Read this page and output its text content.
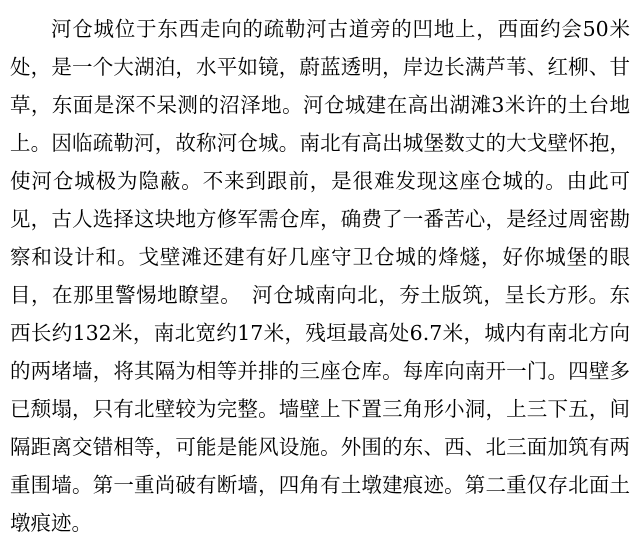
河仓城位于东西走向的疏勒河古道旁的凹地上，西面约会50米处，是一个大湖泊，水平如镜，蔚蓝透明，岸边长满芦苇、红柳、甘草，东面是深不呆测的沼泽地。河仓城建在高出湖滩3米许的土台地上。因临疏勒河，故称河仓城。南北有高出城堡数丈的大戈壁怀抱，使河仓城极为隐蔽。不来到跟前，是很难发现这座仓城的。由此可见，古人选择这块地方修军需仓库，确费了一番苦心，是经过周密勘察和设计和。戈壁滩还建有好几座守卫仓城的烽燧，好你城堡的眼目，在那里警惕地瞭望。　河仓城南向北，夯土版筑，呈长方形。东西长约132米，南北宽约17米，残垣最高处6.7米，城内有南北方向的两堵墙，将其隔为相等并排的三座仓库。每库向南开一门。四壁多已颓塌，只有北壁较为完整。墙壁上下置三角形小洞，上三下五，间隔距离交错相等，可能是能风设施。外围的东、西、北三面加筑有两重围墙。第一重尚破有断墙，四角有土墩建痕迹。第二重仅存北面土墩痕迹。
